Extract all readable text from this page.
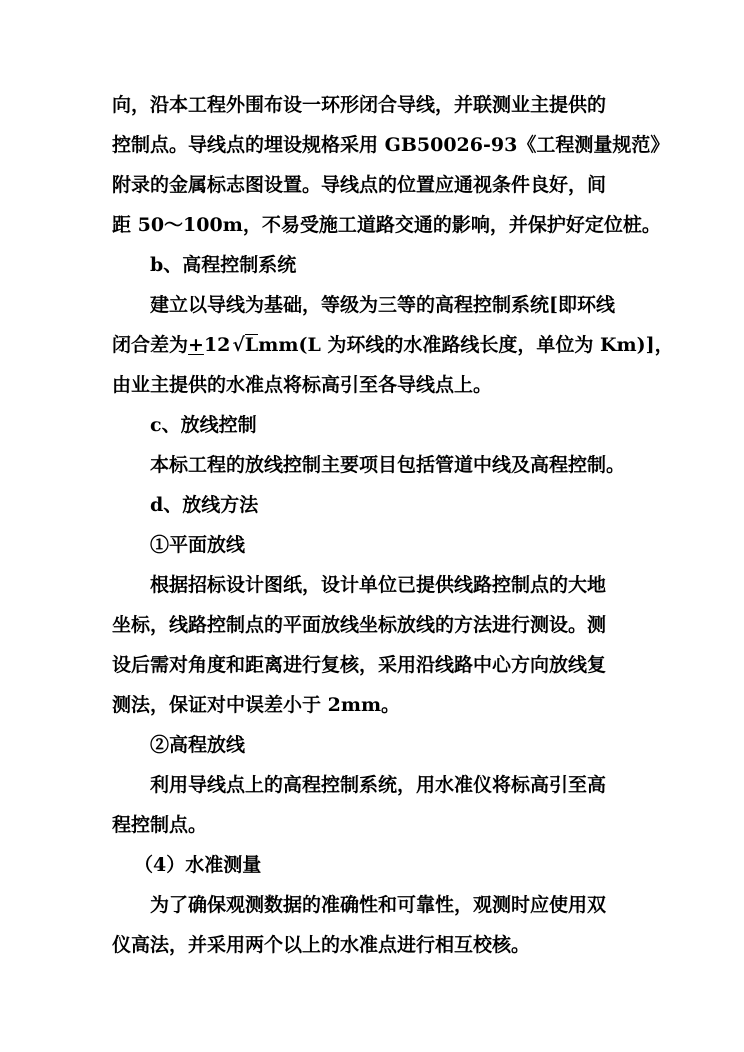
向，沿本工程外围布设一环形闭合导线，并联测业主提供的
控制点。导线点的埋设规格采用 GB50026-93《工程测量规范》
附录的金属标志图设置。导线点的位置应通视条件良好，间
距 50～100m，不易受施工道路交通的影响，并保护好定位桩。
b、高程控制系统
建立以导线为基础，等级为三等的高程控制系统[即环线
闭合差为+12 √Lmm(L 为环线的水准路线长度，单位为 Km)]，
由业主提供的水准点将标高引至各导线点上。
c、放线控制
本标工程的放线控制主要项目包括管道中线及高程控制。
d、放线方法
①平面放线
根据招标设计图纸，设计单位已提供线路控制点的大地
坐标，线路控制点的平面放线坐标放线的方法进行测设。测
设后需对角度和距离进行复核，采用沿线路中心方向放线复
测法，保证对中误差小于 2mm。
②高程放线
利用导线点上的高程控制系统，用水准仪将标高引至高
程控制点。
（4）水准测量
为了确保观测数据的准确性和可靠性，观测时应使用双
仪高法，并采用两个以上的水准点进行相互校核。
